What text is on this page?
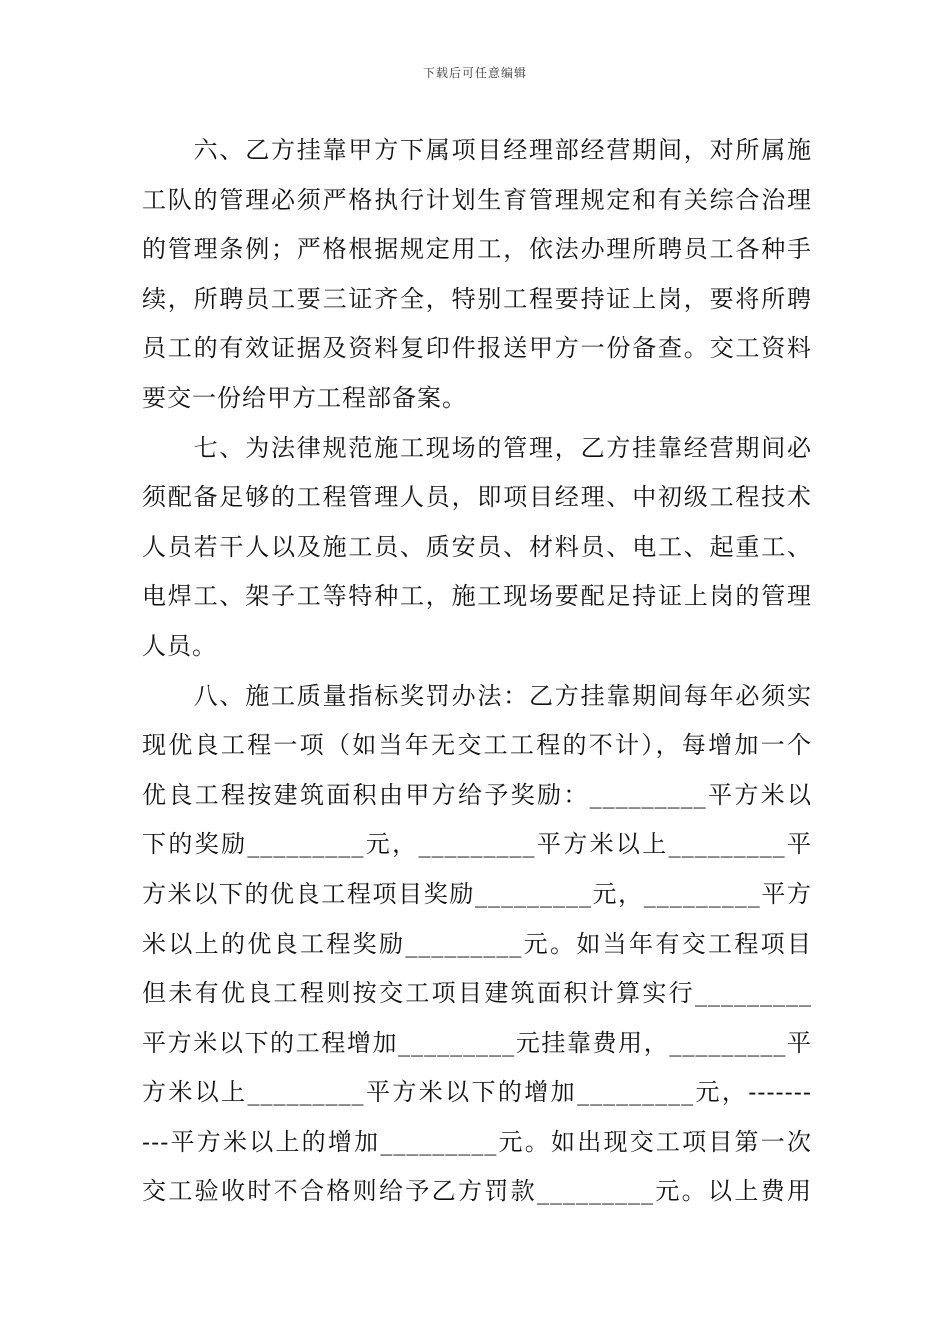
下载后可任意编辑
　　六、乙方挂靠甲方下属项目经理部经营期间，对所属施
工队的管理必须严格执行计划生育管理规定和有关综合治理
的管理条例；严格根据规定用工，依法办理所聘员工各种手
续，所聘员工要三证齐全，特别工程要持证上岗，要将所聘
员工的有效证据及资料复印件报送甲方一份备查。交工资料
要交一份给甲方工程部备案。
　　七、为法律规范施工现场的管理，乙方挂靠经营期间必
须配备足够的工程管理人员，即项目经理、中初级工程技术
人员若干人以及施工员、质安员、材料员、电工、起重工、
电焊工、架子工等特种工，施工现场要配足持证上岗的管理
人员。
　　八、施工质量指标奖罚办法：乙方挂靠期间每年必须实
现优良工程一项（如当年无交工工程的不计），每增加一个
优良工程按建筑面积由甲方给予奖励：_________平方米以
下的奖励_________元，_________平方米以上_________平
方米以下的优良工程项目奖励_________元，_________平方
米以上的优良工程奖励_________元。如当年有交工程项目
但未有优良工程则按交工项目建筑面积计算实行_________
平方米以下的工程增加_________元挂靠费用，_________平
方米以上_________平方米以下的增加_________元，-------
---平方米以上的增加_________元。如出现交工项目第一次
交工验收时不合格则给予乙方罚款_________元。以上费用
